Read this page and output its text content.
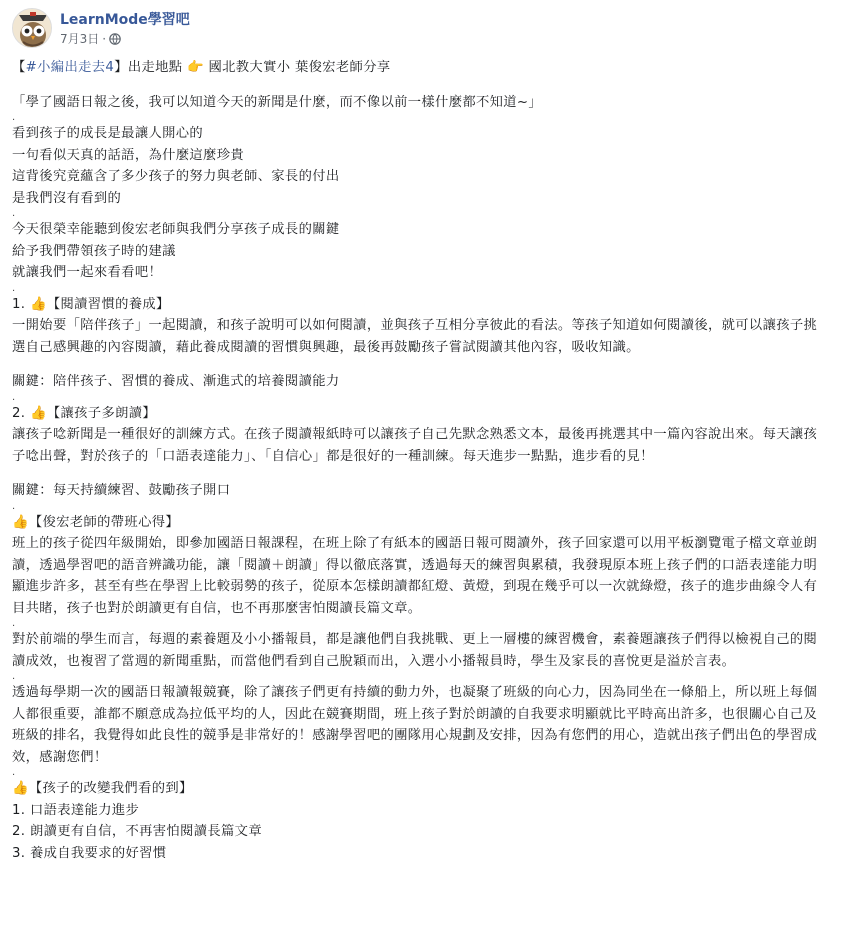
LearnMode學習吧
7月3日 ·

【#小編出走去4】出走地點 👉 國北教大實小 葉俊宏老師分享

「學了國語日報之後，我可以知道今天的新聞是什麼，而不像以前一樣什麼都不知道~」

.

看到孩子的成長是最讓人開心的

一句看似天真的話語，為什麼這麼珍貴

這背後究竟蘊含了多少孩子的努力與老師、家長的付出

是我們沒有看到的

.

今天很榮幸能聽到俊宏老師與我們分享孩子成長的關鍵

給予我們帶領孩子時的建議

就讓我們一起來看看吧！

.

1. 👍【閱讀習慣的養成】

一開始要「陪伴孩子」一起閱讀，和孩子說明可以如何閱讀，並與孩子互相分享彼此的看法。等孩子知道如何閱讀後，就可以讓孩子挑選自己感興趣的內容閱讀，藉此養成閱讀的習慣與興趣，最後再鼓勵孩子嘗試閱讀其他內容，吸收知識。

關鍵：陪伴孩子、習慣的養成、漸進式的培養閱讀能力

.

2. 👍【讓孩子多朗讀】

讓孩子唸新聞是一種很好的訓練方式。在孩子閱讀報紙時可以讓孩子自己先默念熟悉文本，最後再挑選其中一篇內容說出來。每天讓孩子唸出聲，對於孩子的「口語表達能力」、「自信心」都是很好的一種訓練。每天進步一點點，進步看的見！

關鍵：每天持續練習、鼓勵孩子開口

.

👍【俊宏老師的帶班心得】

班上的孩子從四年級開始，即參加國語日報課程，在班上除了有紙本的國語日報可閱讀外，孩子回家還可以用平板瀏覽電子檔文章並朗讀，透過學習吧的語音辨識功能，讓「閱讀＋朗讀」得以徹底落實，透過每天的練習與累積，我發現原本班上孩子們的口語表達能力明顯進步許多，甚至有些在學習上比較弱勢的孩子，從原本怎樣朗讀都紅燈、黃燈，到現在幾乎可以一次就綠燈，孩子的進步曲線令人有目共睹，孩子也對於朗讀更有自信，也不再那麼害怕閱讀長篇文章。

.

對於前端的學生而言，每週的素養題及小小播報員，都是讓他們自我挑戰、更上一層樓的練習機會，素養題讓孩子們得以檢視自己的閱讀成效，也複習了當週的新聞重點，而當他們看到自己脫穎而出，入選小小播報員時，學生及家長的喜悅更是溢於言表。

.

透過每學期一次的國語日報讀報競賽，除了讓孩子們更有持續的動力外，也凝聚了班級的向心力，因為同坐在一條船上，所以班上每個人都很重要，誰都不願意成為拉低平均的人，因此在競賽期間，班上孩子對於朗讀的自我要求明顯就比平時高出許多，也很關心自己及班級的排名，我覺得如此良性的競爭是非常好的！感謝學習吧的團隊用心規劃及安排，因為有您們的用心，造就出孩子們出色的學習成效，感謝您們！

.

👍【孩子的改變我們看的到】

1. 口語表達能力進步

2. 朗讀更有自信，不再害怕閱讀長篇文章

3. 養成自我要求的好習慣
